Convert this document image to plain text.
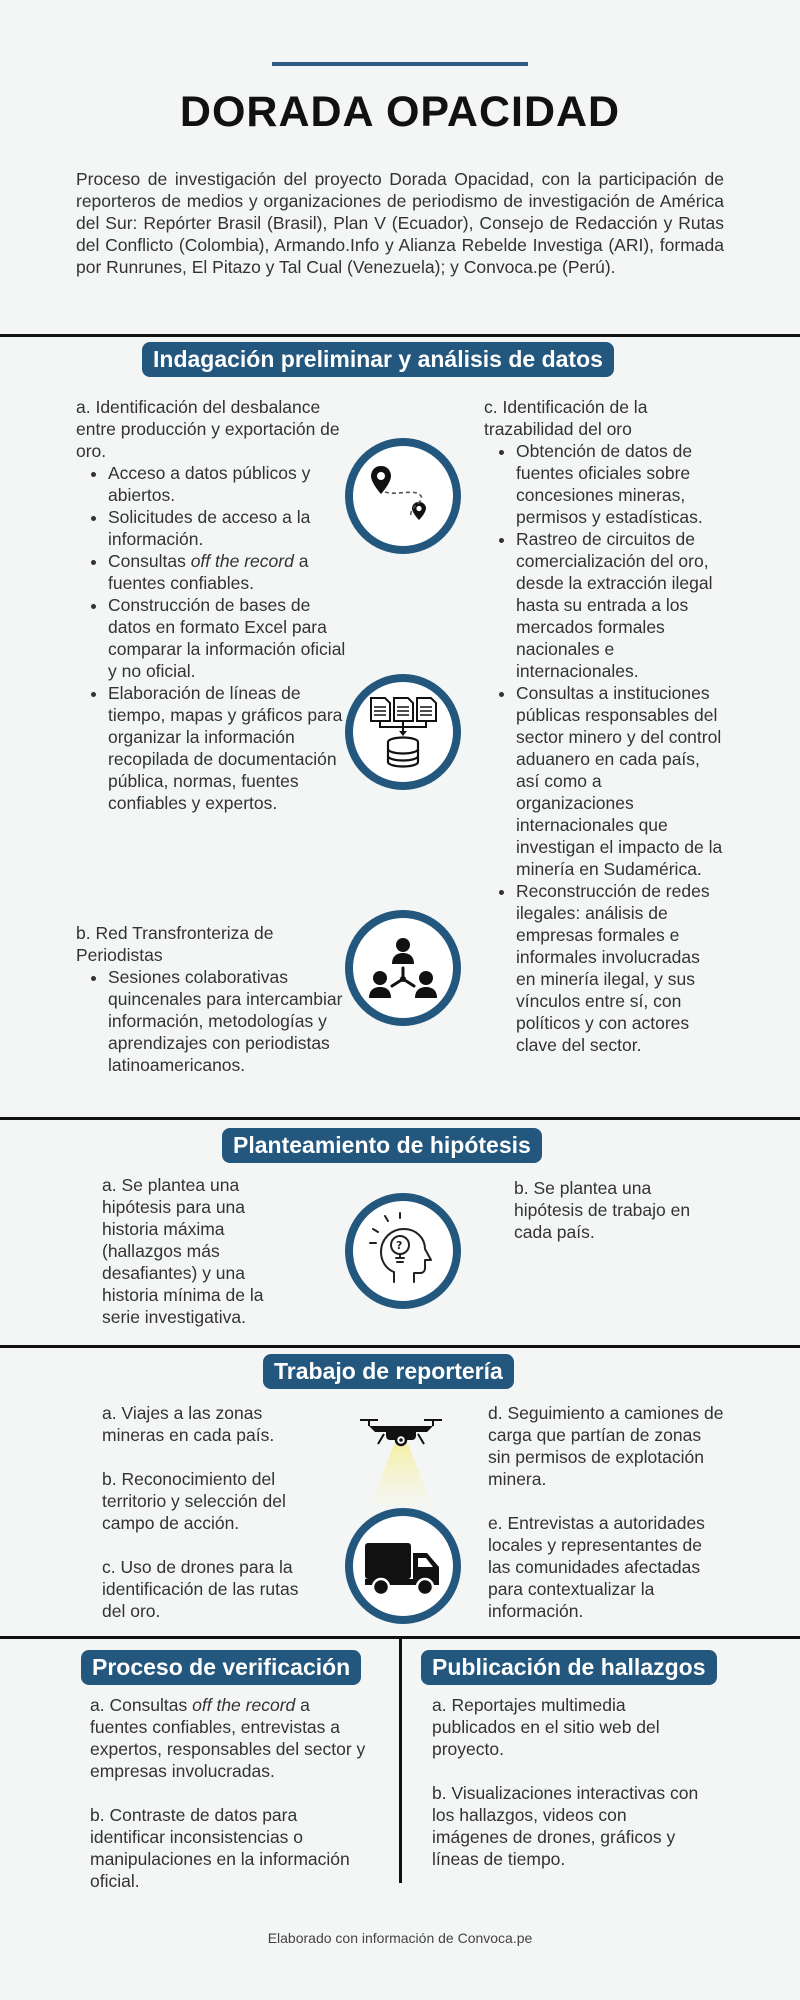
DORADA OPACIDAD
Proceso de investigación del proyecto Dorada Opacidad, con la participación de reporteros de medios y organizaciones de periodismo de investigación de América del Sur: Repórter Brasil (Brasil), Plan V (Ecuador), Consejo de Redacción y Rutas del Conflicto (Colombia), Armando.Info y Alianza Rebelde Investiga (ARI), formada por Runrunes, El Pitazo y Tal Cual (Venezuela); y Convoca.pe (Perú).
Indagación preliminar y análisis de datos

a. Identificación del desbalance entre producción y exportación de oro.

• Acceso a datos públicos y abiertos.
• Solicitudes de acceso a la información.
• Consultas off the record a fuentes confiables.
• Construcción de bases de datos en formato Excel para comparar la información oficial y no oficial.
• Elaboración de líneas de tiempo, mapas y gráficos para organizar la información recopilada de documentación pública, normas, fuentes confiables y expertos.

b. Red Transfronteriza de Periodistas

• Sesiones colaborativas quincenales para intercambiar información, metodologías y aprendizajes con periodistas latinoamericanos.

c. Identificación de la trazabilidad del oro

• Obtención de datos de fuentes oficiales sobre concesiones mineras, permisos y estadísticas.
• Rastreo de circuitos de comercialización del oro, desde la extracción ilegal hasta su entrada a los mercados formales nacionales e internacionales.
• Consultas a instituciones públicas responsables del sector minero y del control aduanero en cada país, así como a organizaciones internacionales que investigan el impacto de la minería en Sudamérica.
• Reconstrucción de redes ilegales: análisis de empresas formales e informales involucradas en minería ilegal, y sus vínculos entre sí, con políticos y con actores clave del sector.
Planteamiento de hipótesis
a. Se plantea una hipótesis para una historia máxima (hallazgos más desafiantes) y una historia mínima de la serie investigativa.
b. Se plantea una hipótesis de trabajo en cada país.
?
Trabajo de reportería
a. Viajes a las zonas mineras en cada país.
b. Reconocimiento del territorio y selección del campo de acción.
c. Uso de drones para la identificación de las rutas del oro.
d. Seguimiento a camiones de carga que partían de zonas sin permisos de explotación minera.
e. Entrevistas a autoridades locales y representantes de las comunidades afectadas para contextualizar la información.
Proceso de verificación
a. Consultas off the record a fuentes confiables, entrevistas a expertos, responsables del sector y empresas involucradas.
b. Contraste de datos para identificar inconsistencias o manipulaciones en la información oficial.
Publicación de hallazgos
a. Reportajes multimedia publicados en el sitio web del proyecto.
b. Visualizaciones interactivas con los hallazgos, videos con imágenes de drones, gráficos y líneas de tiempo.
Elaborado con información de Convoca.pe
